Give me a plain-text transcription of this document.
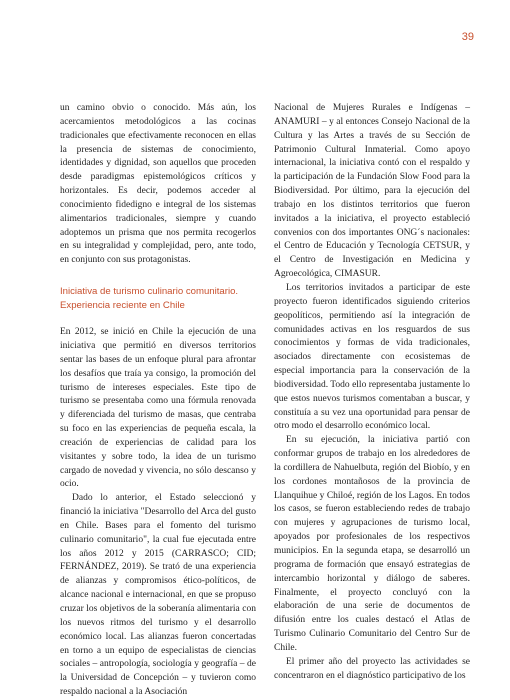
39

un camino obvio o conocido. Más aún, los acercamientos metodológicos a las cocinas tradicionales que efectivamente reconocen en ellas la presencia de sistemas de conocimiento, identidades y dignidad, son aquellos que proceden desde paradigmas epistemológicos críticos y horizontales. Es decir, podemos acceder al conocimiento fidedigno e integral de los sistemas alimentarios tradicionales, siempre y cuando adoptemos un prisma que nos permita recogerlos en su integralidad y complejidad, pero, ante todo, en conjunto con sus protagonistas.

Iniciativa de turismo culinario comunitario.
Experiencia reciente en Chile

En 2012, se inició en Chile la ejecución de una iniciativa que permitió en diversos territorios sentar las bases de un enfoque plural para afrontar los desafíos que traía ya consigo, la promoción del turismo de intereses especiales. Este tipo de turismo se presentaba como una fórmula renovada y diferenciada del turismo de masas, que centraba su foco en las experiencias de pequeña escala, la creación de experiencias de calidad para los visitantes y sobre todo, la idea de un turismo cargado de novedad y vivencia, no sólo descanso y ocio.

Dado lo anterior, el Estado seleccionó y financió la iniciativa "Desarrollo del Arca del gusto en Chile. Bases para el fomento del turismo culinario comunitario", la cual fue ejecutada entre los años 2012 y 2015 (CARRASCO; CID; FERNÁNDEZ, 2019). Se trató de una experiencia de alianzas y compromisos ético-políticos, de alcance nacional e internacional, en que se propuso cruzar los objetivos de la soberanía alimentaria con los nuevos ritmos del turismo y el desarrollo económico local. Las alianzas fueron concertadas en torno a un equipo de especialistas de ciencias sociales – antropología, sociología y geografía – de la Universidad de Concepción – y tuvieron como respaldo nacional a la Asociación

Nacional de Mujeres Rurales e Indígenas – ANAMURI – y al entonces Consejo Nacional de la Cultura y las Artes a través de su Sección de Patrimonio Cultural Inmaterial. Como apoyo internacional, la iniciativa contó con el respaldo y la participación de la Fundación Slow Food para la Biodiversidad. Por último, para la ejecución del trabajo en los distintos territorios que fueron invitados a la iniciativa, el proyecto estableció convenios con dos importantes ONG´s nacionales: el Centro de Educación y Tecnología CETSUR, y el Centro de Investigación en Medicina y Agroecológica, CIMASUR.

Los territorios invitados a participar de este proyecto fueron identificados siguiendo criterios geopolíticos, permitiendo así la integración de comunidades activas en los resguardos de sus conocimientos y formas de vida tradicionales, asociados directamente con ecosistemas de especial importancia para la conservación de la biodiversidad. Todo ello representaba justamente lo que estos nuevos turismos comentaban a buscar, y constituía a su vez una oportunidad para pensar de otro modo el desarrollo económico local.

En su ejecución, la iniciativa partió con conformar grupos de trabajo en los alrededores de la cordillera de Nahuelbuta, región del Biobío, y en los cordones montañosos de la provincia de Llanquihue y Chiloé, región de los Lagos. En todos los casos, se fueron estableciendo redes de trabajo con mujeres y agrupaciones de turismo local, apoyados por profesionales de los respectivos municipios. En la segunda etapa, se desarrolló un programa de formación que ensayó estrategias de intercambio horizontal y diálogo de saberes. Finalmente, el proyecto concluyó con la elaboración de una serie de documentos de difusión entre los cuales destacó el Atlas de Turismo Culinario Comunitario del Centro Sur de Chile.

El primer año del proyecto las actividades se concentraron en el diagnóstico participativo de los
